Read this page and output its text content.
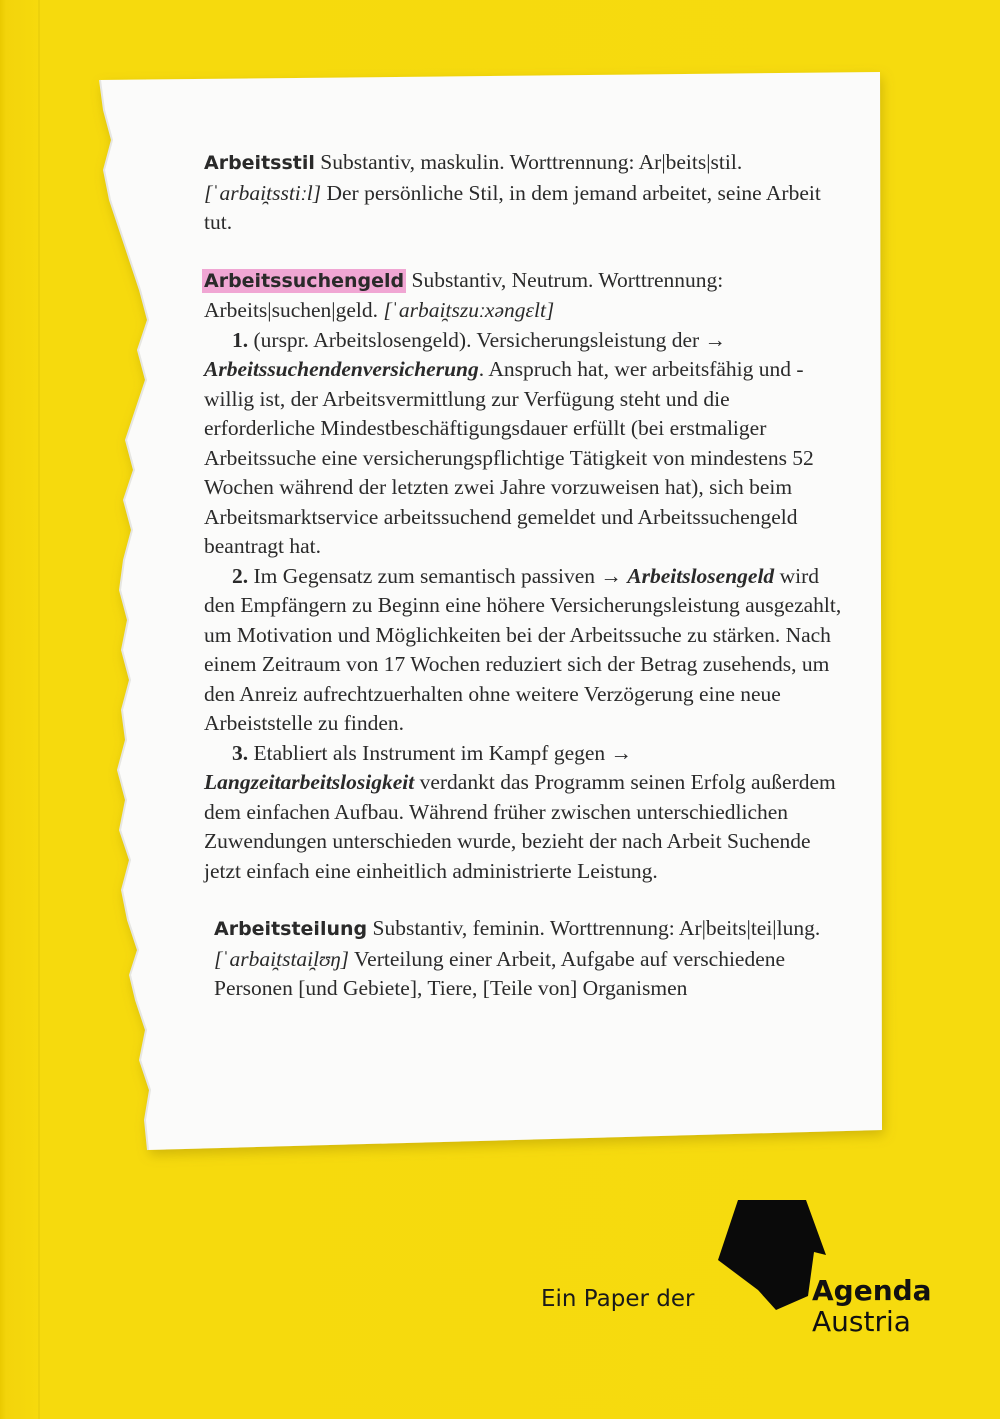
Arbeitsstil Substantiv, maskulin. Worttrennung: Ar|beits|stil.
[ˈarbai̯tsstiːl] Der persönliche Stil, in dem jemand arbeitet, seine Arbeit tut.

Arbeitssuchengeld Substantiv, Neutrum. Worttrennung: Arbeits|suchen|geld. [ˈarbai̯tszuːxəngɛlt]

1. (urspr. Arbeitslosengeld). Versicherungsleistung der → Arbeitssuchendenversicherung. Anspruch hat, wer arbeitsfähig und -willig ist, der Arbeitsvermittlung zur Verfügung steht und die erforderliche Mindestbeschäftigungsdauer erfüllt (bei erstmaliger Arbeitssuche eine versicherungspflichtige Tätigkeit von mindestens 52 Wochen während der letzten zwei Jahre vorzuweisen hat), sich beim Arbeitsmarktservice arbeitssuchend gemeldet und Arbeitssuchengeld beantragt hat.

2. Im Gegensatz zum semantisch passiven → Arbeitslosengeld wird den Empfängern zu Beginn eine höhere Versicherungsleistung ausgezahlt, um Motivation und Möglichkeiten bei der Arbeitssuche zu stärken. Nach einem Zeitraum von 17 Wochen reduziert sich der Betrag zusehends, um den Anreiz aufrechtzuerhalten ohne weitere Verzögerung eine neue Arbeiststelle zu finden.

3. Etabliert als Instrument im Kampf gegen → Langzeitarbeitslosigkeit verdankt das Programm seinen Erfolg außerdem dem einfachen Aufbau. Während früher zwischen unterschiedlichen Zuwendungen unterschieden wurde, bezieht der nach Arbeit Suchende jetzt einfach eine einheitlich administrierte Leistung.

Arbeitsteilung Substantiv, feminin. Worttrennung: Ar|beits|tei|lung. [ˈarbai̯tstai̯lʊŋ] Verteilung einer Arbeit, Aufgabe auf verschiedene Personen [und Gebiete], Tiere, [Teile von] Organismen

Ein Paper der	Agenda
Austria
